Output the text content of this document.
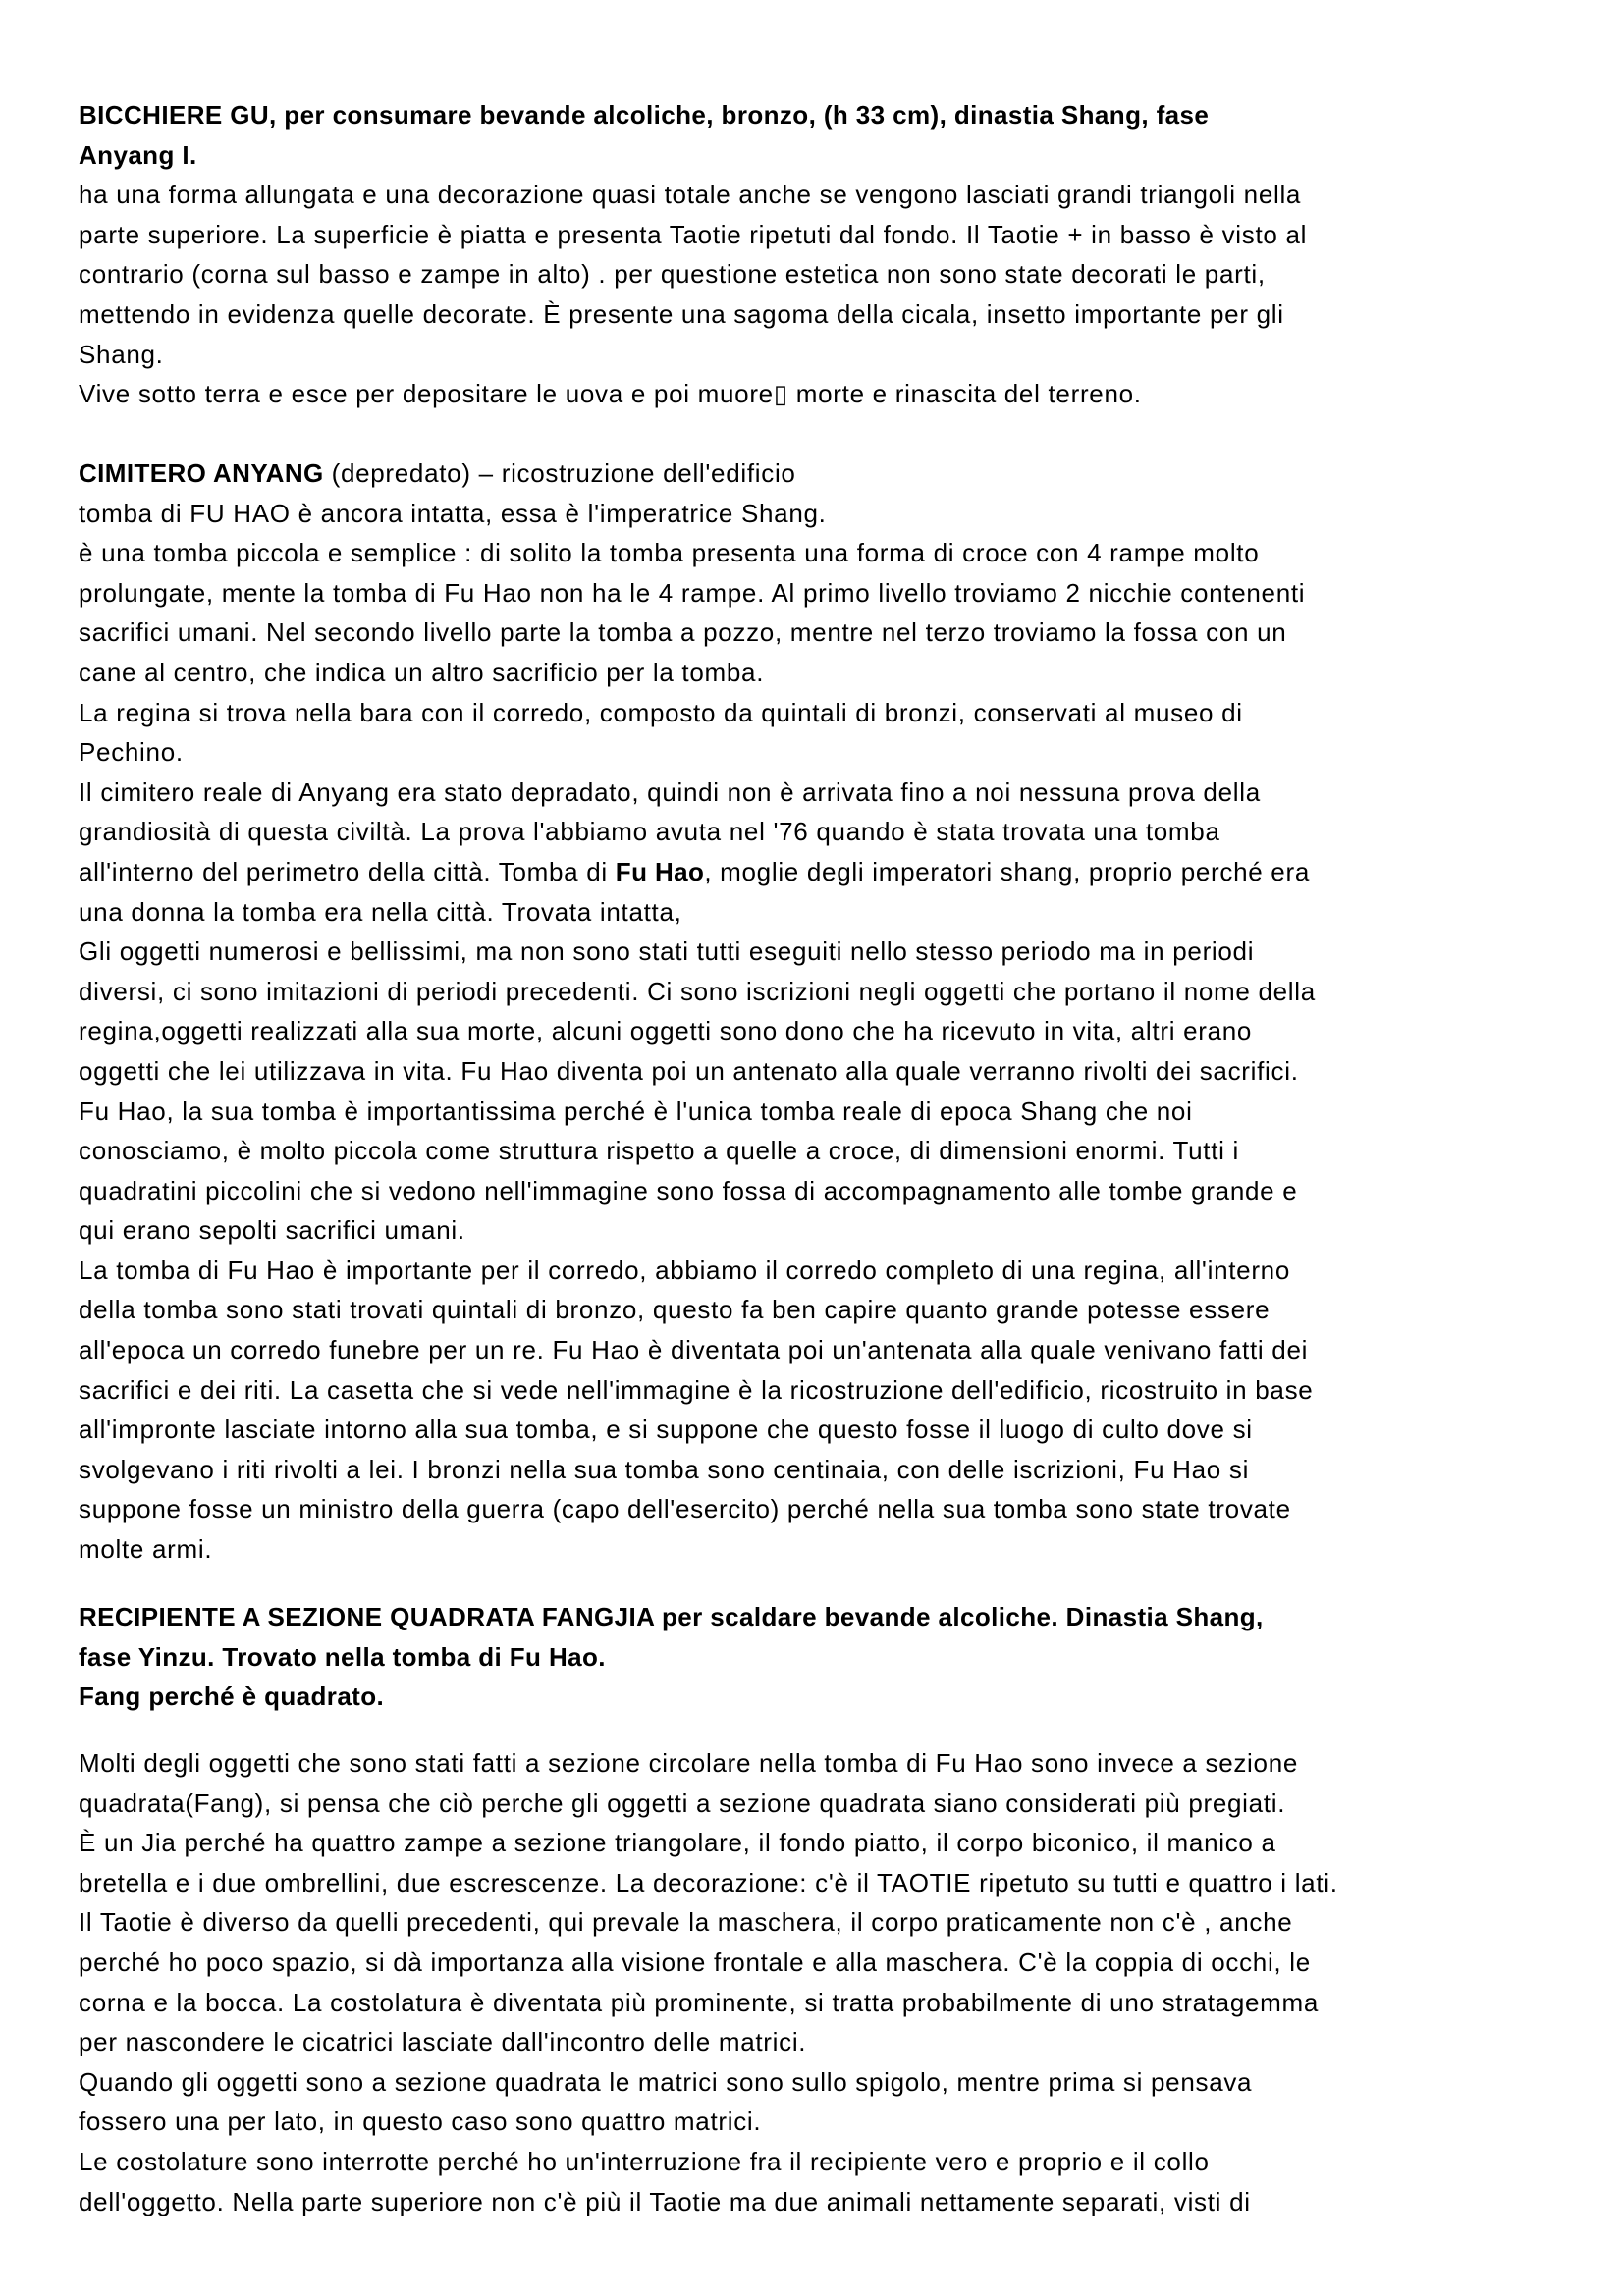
BICCHIERE GU, per consumare bevande alcoliche, bronzo, (h 33 cm), dinastia Shang, fase
Anyang I.
ha una forma allungata e una decorazione quasi totale anche se vengono lasciati grandi triangoli nella
parte superiore. La superficie è piatta e presenta Taotie ripetuti dal fondo. Il Taotie + in basso è visto al
contrario (corna sul basso e zampe in alto) . per questione estetica non sono state decorati le parti,
mettendo in evidenza quelle decorate. È presente una sagoma della cicala, insetto importante per gli
Shang.
Vive sotto terra e esce per depositare le uova e poi muore▯ morte e rinascita del terreno.
CIMITERO ANYANG (depredato) – ricostruzione dell'edificio
tomba di FU HAO è ancora intatta, essa è l'imperatrice Shang.
è una tomba piccola e semplice : di solito la tomba presenta una forma di croce con 4 rampe molto
prolungate, mente la tomba di Fu Hao non ha le 4 rampe. Al primo livello troviamo 2 nicchie contenenti
sacrifici umani. Nel secondo livello parte la tomba a pozzo, mentre nel terzo troviamo la fossa con un
cane al centro, che indica un altro sacrificio per la tomba.
La regina si trova nella bara con il corredo, composto da quintali di bronzi, conservati al museo di
Pechino.
Il cimitero reale di Anyang era stato depradato, quindi non è arrivata fino a noi nessuna prova della
grandiosità di questa civiltà. La prova l'abbiamo avuta nel '76 quando è stata trovata una tomba
all'interno del perimetro della città. Tomba di Fu Hao, moglie degli imperatori shang, proprio perché era
una donna la tomba era nella città. Trovata intatta,
Gli oggetti numerosi e bellissimi, ma non sono stati tutti eseguiti nello stesso periodo ma in periodi
diversi, ci sono imitazioni di periodi precedenti. Ci sono iscrizioni negli oggetti che portano il nome della
regina,oggetti realizzati alla sua morte, alcuni oggetti sono dono che ha ricevuto in vita, altri erano
oggetti che lei utilizzava in vita. Fu Hao diventa poi un antenato alla quale verranno rivolti dei sacrifici.
Fu Hao, la sua tomba è importantissima perché è l'unica tomba reale di epoca Shang che noi
conosciamo, è molto piccola come struttura rispetto a quelle a croce, di dimensioni enormi. Tutti i
quadratini piccolini che si vedono nell'immagine sono fossa di accompagnamento alle tombe grande e
qui erano sepolti sacrifici umani.
La tomba di Fu Hao è importante per il corredo, abbiamo il corredo completo di una regina, all'interno
della tomba sono stati trovati quintali di bronzo, questo fa ben capire quanto grande potesse essere
all'epoca un corredo funebre per un re. Fu Hao è diventata poi un'antenata alla quale venivano fatti dei
sacrifici e dei riti. La casetta che si vede nell'immagine è la ricostruzione dell'edificio, ricostruito in base
all'impronte lasciate intorno alla sua tomba, e si suppone che questo fosse il luogo di culto dove si
svolgevano i riti rivolti a lei. I bronzi nella sua tomba sono centinaia, con delle iscrizioni, Fu Hao si
suppone fosse un ministro della guerra (capo dell'esercito) perché nella sua tomba sono state trovate
molte armi.
RECIPIENTE A SEZIONE QUADRATA FANGJIA per scaldare bevande alcoliche. Dinastia Shang,
fase Yinzu. Trovato nella tomba di Fu Hao.
Fang perché è quadrato.
Molti degli oggetti che sono stati fatti a sezione circolare nella tomba di Fu Hao sono invece a sezione
quadrata(Fang), si pensa che ciò perche gli oggetti a sezione quadrata siano considerati più pregiati.
È un Jia perché ha quattro zampe a sezione triangolare, il fondo piatto, il corpo biconico, il manico a
bretella e i due ombrellini, due escrescenze. La decorazione: c'è il TAOTIE ripetuto su tutti e quattro i lati.
Il Taotie è diverso da quelli precedenti, qui prevale la maschera, il corpo praticamente non c'è , anche
perché ho poco spazio, si dà importanza alla visione frontale e alla maschera. C'è la coppia di occhi, le
corna e la bocca. La costolatura è diventata più prominente, si tratta probabilmente di uno stratagemma
per nascondere le cicatrici lasciate dall'incontro delle matrici.
Quando gli oggetti sono a sezione quadrata le matrici sono sullo spigolo, mentre prima si pensava
fossero una per lato, in questo caso sono quattro matrici.
Le costolature sono interrotte perché ho un'interruzione fra il recipiente vero e proprio e il collo
dell'oggetto. Nella parte superiore non c'è più il Taotie ma due animali nettamente separati, visti di
